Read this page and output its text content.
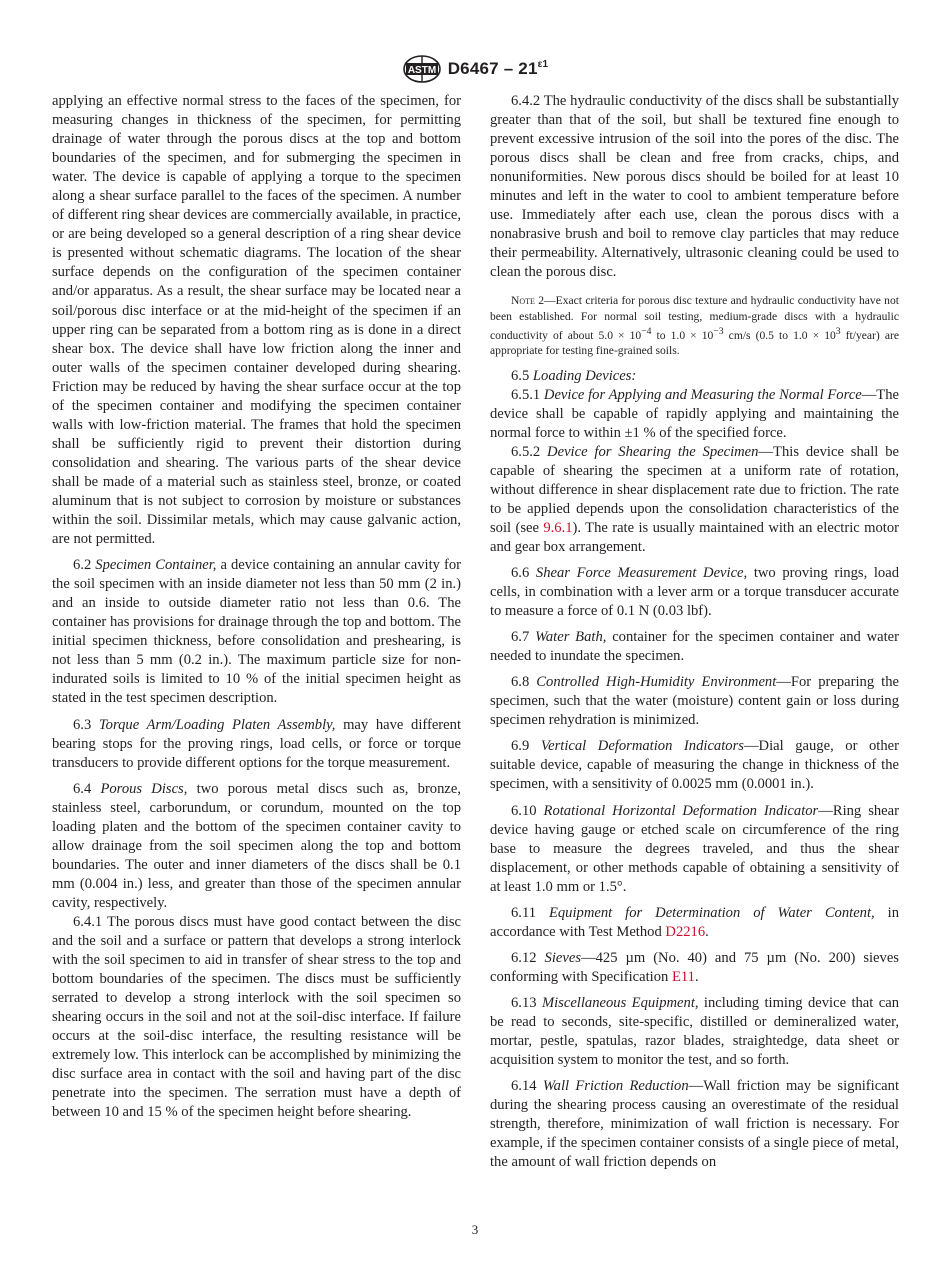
ASTM $D6467 - 21^{\varepsilon 1}$

applying an effective normal stress to the faces of the specimen, for measuring changes in thickness of the specimen, for permitting drainage of water through the porous discs at the top and bottom boundaries of the specimen, and for submerging the specimen in water. The device is capable of applying a torque to the specimen along a shear surface parallel to the faces of the specimen. A number of different ring shear devices are commercially available, in practice, or are being developed so a general description of a ring shear device is presented without schematic diagrams. The location of the shear surface depends on the configuration of the specimen container and/or apparatus. As a result, the shear surface may be located near a soil/porous disc interface or at the mid-height of the specimen if an upper ring can be separated from a bottom ring as is done in a direct shear box. The device shall have low friction along the inner and outer walls of the specimen container developed during shearing. Friction may be reduced by having the shear surface occur at the top of the specimen container and modifying the specimen container walls with low-friction material. The frames that hold the specimen shall be sufficiently rigid to prevent their distortion during consolidation and shearing. The various parts of the shear device shall be made of a material such as stainless steel, bronze, or coated aluminum that is not subject to corrosion by moisture or substances within the soil. Dissimilar metals, which may cause galvanic action, are not permitted.

6.2 Specimen Container, a device containing an annular cavity for the soil specimen with an inside diameter not less than 50 mm (2 in.) and an inside to outside diameter ratio not less than 0.6. The container has provisions for drainage through the top and bottom. The initial specimen thickness, before consolidation and preshearing, is not less than 5 mm (0.2 in.). The maximum particle size for non-indurated soils is limited to 10 % of the initial specimen height as stated in the test specimen description.

6.3 Torque Arm/Loading Platen Assembly, may have different bearing stops for the proving rings, load cells, or force or torque transducers to provide different options for the torque measurement.

6.4 Porous Discs, two porous metal discs such as, bronze, stainless steel, carborundum, or corundum, mounted on the top loading platen and the bottom of the specimen container cavity to allow drainage from the soil specimen along the top and bottom boundaries. The outer and inner diameters of the discs shall be 0.1 mm (0.004 in.) less, and greater than those of the specimen annular cavity, respectively.

6.4.1 The porous discs must have good contact between the disc and the soil and a surface or pattern that develops a strong interlock with the soil specimen to aid in transfer of shear stress to the top and bottom boundaries of the specimen. The discs must be sufficiently serrated to develop a strong interlock with the soil specimen so shearing occurs in the soil and not at the soil-disc interface. If failure occurs at the soil-disc interface, the resulting resistance will be extremely low. This interlock can be accomplished by minimizing the disc surface area in contact with the soil and having part of the disc penetrate into the specimen. The serration must have a depth of between 10 and 15 % of the specimen height before shearing.

6.4.2 The hydraulic conductivity of the discs shall be substantially greater than that of the soil, but shall be textured fine enough to prevent excessive intrusion of the soil into the pores of the disc. The porous discs shall be clean and free from cracks, chips, and nonuniformities. New porous discs should be boiled for at least 10 minutes and left in the water to cool to ambient temperature before use. Immediately after each use, clean the porous discs with a nonabrasive brush and boil to remove clay particles that may reduce their permeability. Alternatively, ultrasonic cleaning could be used to clean the porous disc.

Note 2—Exact criteria for porous disc texture and hydraulic conductivity have not been established. For normal soil testing, medium-grade discs with a hydraulic conductivity of about $5.0 \times 10^{-4}$ to $1.0 \times 10^{-3}$ cm/s (0.5 to $1.0 \times 10^3$ ft/year) are appropriate for testing fine-grained soils.

6.5 Loading Devices:

6.5.1 Device for Applying and Measuring the Normal Force—The device shall be capable of rapidly applying and maintaining the normal force to within ±1 % of the specified force.

6.5.2 Device for Shearing the Specimen—This device shall be capable of shearing the specimen at a uniform rate of rotation, without difference in shear displacement rate due to friction. The rate to be applied depends upon the consolidation characteristics of the soil (see 9.6.1). The rate is usually maintained with an electric motor and gear box arrangement.

6.6 Shear Force Measurement Device, two proving rings, load cells, in combination with a lever arm or a torque transducer accurate to measure a force of 0.1 N (0.03 lbf).

6.7 Water Bath, container for the specimen container and water needed to inundate the specimen.

6.8 Controlled High-Humidity Environment—For preparing the specimen, such that the water (moisture) content gain or loss during specimen rehydration is minimized.

6.9 Vertical Deformation Indicators—Dial gauge, or other suitable device, capable of measuring the change in thickness of the specimen, with a sensitivity of 0.0025 mm (0.0001 in.).

6.10 Rotational Horizontal Deformation Indicator—Ring shear device having gauge or etched scale on circumference of the ring base to measure the degrees traveled, and thus the shear displacement, or other methods capable of obtaining a sensitivity of at least 1.0 mm or 1.5°.

6.11 Equipment for Determination of Water Content, in accordance with Test Method D2216.

6.12 Sieves—425 µm (No. 40) and 75 µm (No. 200) sieves conforming with Specification E11.

6.13 Miscellaneous Equipment, including timing device that can be read to seconds, site-specific, distilled or demineralized water, mortar, pestle, spatulas, razor blades, straightedge, data sheet or acquisition system to monitor the test, and so forth.

6.14 Wall Friction Reduction—Wall friction may be significant during the shearing process causing an overestimate of the residual strength, therefore, minimization of wall friction is necessary. For example, if the specimen container consists of a single piece of metal, the amount of wall friction depends on

3
